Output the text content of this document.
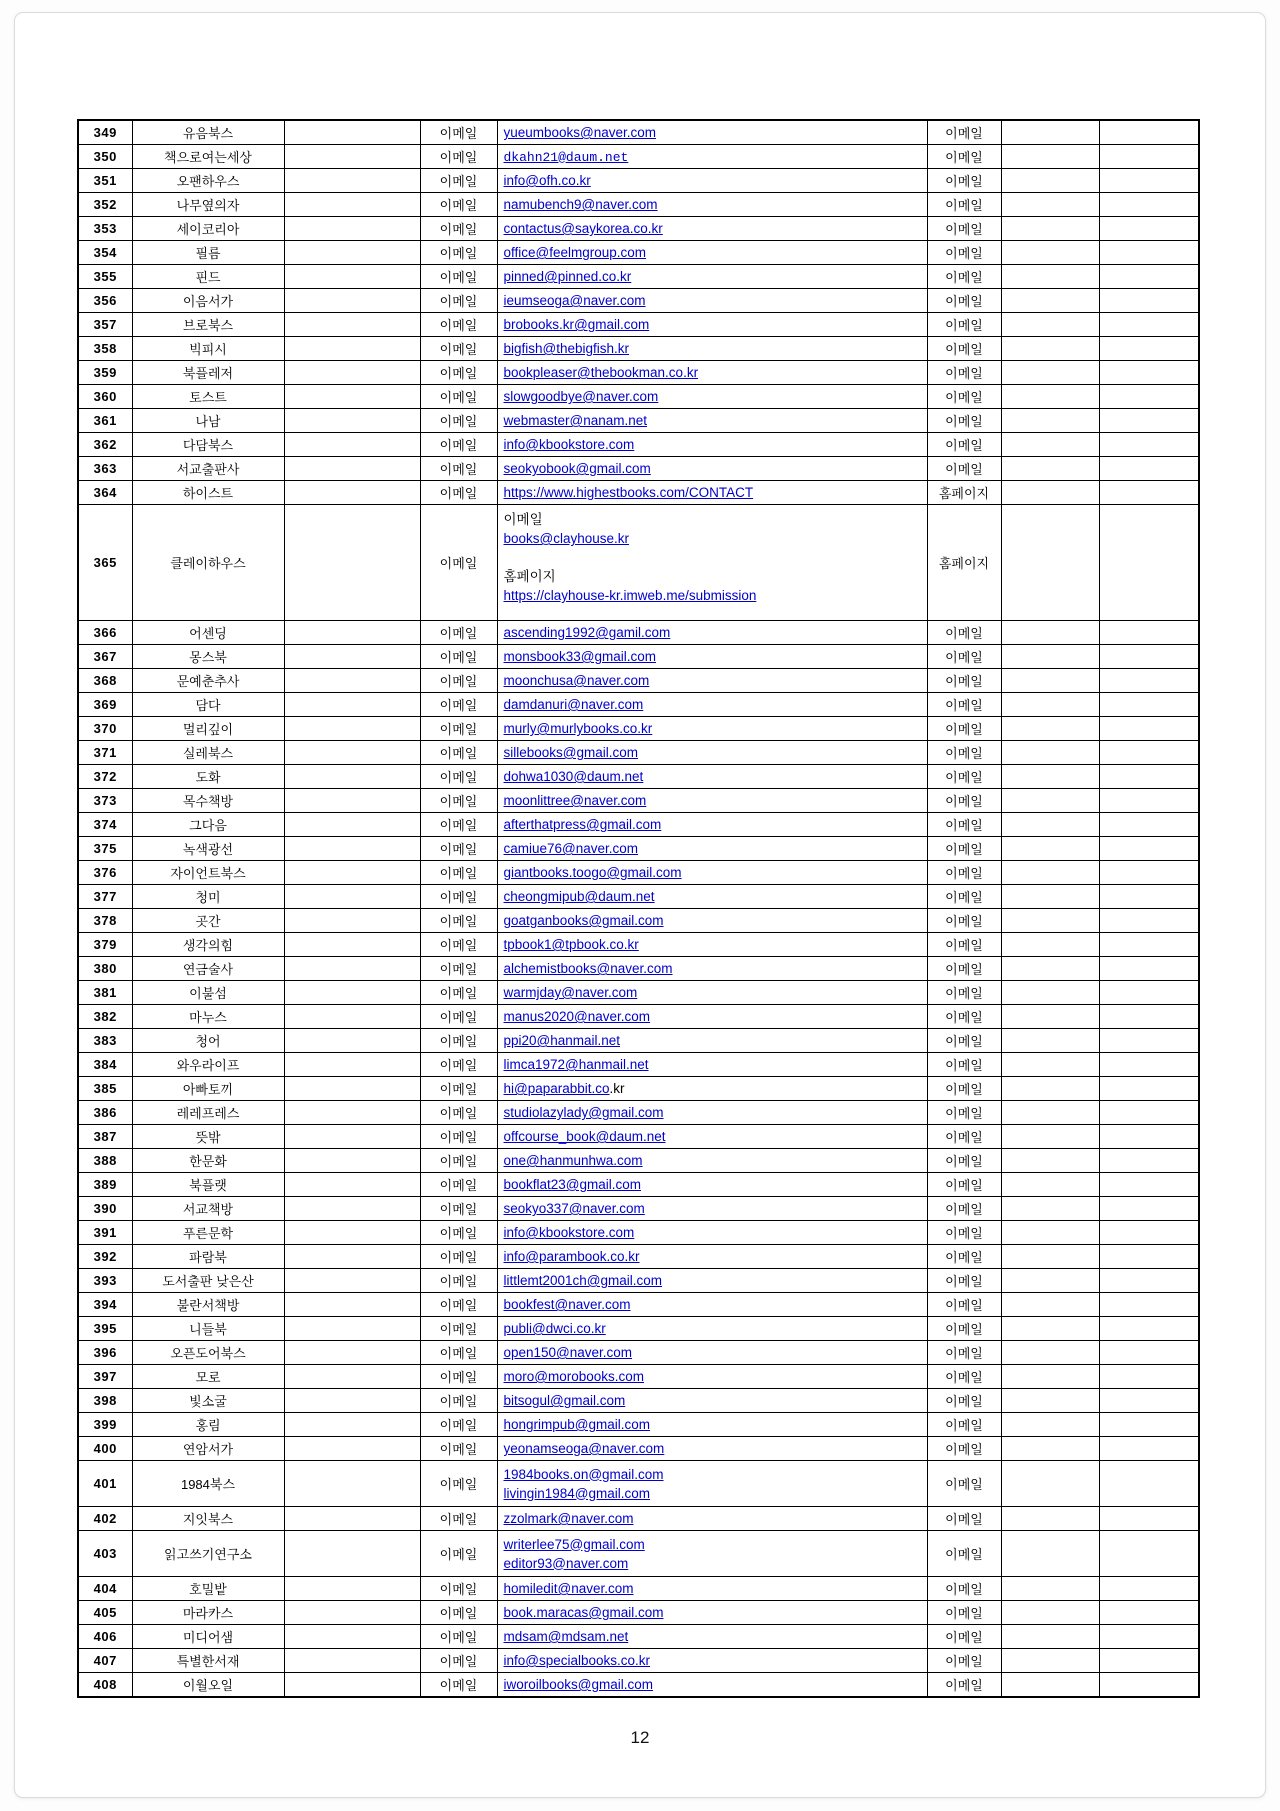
349	유음북스		이메일	yueumbooks@naver.com	이메일		
350	책으로여는세상		이메일	dkahn21@daum.net	이메일		
351	오팬하우스		이메일	info@ofh.co.kr	이메일		
352	나무옆의자		이메일	namubench9@naver.com	이메일		
353	세이코리아		이메일	contactus@saykorea.co.kr	이메일		
354	필름		이메일	office@feelmgroup.com	이메일		
355	핀드		이메일	pinned@pinned.co.kr	이메일		
356	이음서가		이메일	ieumseoga@naver.com	이메일		
357	브로북스		이메일	brobooks.kr@gmail.com	이메일		
358	빅피시		이메일	bigfish@thebigfish.kr	이메일		
359	북플레저		이메일	bookpleaser@thebookman.co.kr	이메일		
360	토스트		이메일	slowgoodbye@naver.com	이메일		
361	나남		이메일	webmaster@nanam.net	이메일		
362	다담북스		이메일	info@kbookstore.com	이메일		
363	서교출판사		이메일	seokyobook@gmail.com	이메일		
364	하이스트		이메일	https://www.highestbooks.com/CONTACT	홈페이지		
365	클레이하우스		이메일	이메일
books@clayhouse.kr

홈페이지
https://clayhouse-kr.imweb.me/submission	홈페이지		
366	어센딩		이메일	ascending1992@gamil.com	이메일		
367	몽스북		이메일	monsbook33@gmail.com	이메일		
368	문예춘추사		이메일	moonchusa@naver.com	이메일		
369	담다		이메일	damdanuri@naver.com	이메일		
370	멀리깊이		이메일	murly@murlybooks.co.kr	이메일		
371	실레북스		이메일	sillebooks@gmail.com	이메일		
372	도화		이메일	dohwa1030@daum.net	이메일		
373	목수책방		이메일	moonlittree@naver.com	이메일		
374	그다음		이메일	afterthatpress@gmail.com	이메일		
375	녹색광선		이메일	camiue76@naver.com	이메일		
376	자이언트북스		이메일	giantbooks.toogo@gmail.com	이메일		
377	청미		이메일	cheongmipub@daum.net	이메일		
378	곳간		이메일	goatganbooks@gmail.com	이메일		
379	생각의힘		이메일	tpbook1@tpbook.co.kr	이메일		
380	연금술사		이메일	alchemistbooks@naver.com	이메일		
381	이불섬		이메일	warmjday@naver.com	이메일		
382	마누스		이메일	manus2020@naver.com	이메일		
383	청어		이메일	ppi20@hanmail.net	이메일		
384	와우라이프		이메일	limca1972@hanmail.net	이메일		
385	아빠토끼		이메일	hi@paparabbit.co.kr	이메일		
386	레레프레스		이메일	studiolazylady@gmail.com	이메일		
387	뜻밖		이메일	offcourse_book@daum.net	이메일		
388	한문화		이메일	one@hanmunhwa.com	이메일		
389	북플랫		이메일	bookflat23@gmail.com	이메일		
390	서교책방		이메일	seokyo337@naver.com	이메일		
391	푸른문학		이메일	info@kbookstore.com	이메일		
392	파람북		이메일	info@parambook.co.kr	이메일		
393	도서출판 낮은산		이메일	littlemt2001ch@gmail.com	이메일		
394	불란서책방		이메일	bookfest@naver.com	이메일		
395	니들북		이메일	publi@dwci.co.kr	이메일		
396	오픈도어북스		이메일	open150@naver.com	이메일		
397	모로		이메일	moro@morobooks.com	이메일		
398	빛소굴		이메일	bitsogul@gmail.com	이메일		
399	홍림		이메일	hongrimpub@gmail.com	이메일		
400	연암서가		이메일	yeonamseoga@naver.com	이메일		
401	1984북스		이메일	1984books.on@gmail.com
livingin1984@gmail.com	이메일		
402	지잇북스		이메일	zzolmark@naver.com	이메일		
403	읽고쓰기연구소		이메일	writerlee75@gmail.com
editor93@naver.com	이메일		
404	호밀밭		이메일	homiledit@naver.com	이메일		
405	마라카스		이메일	book.maracas@gmail.com	이메일		
406	미디어샘		이메일	mdsam@mdsam.net	이메일		
407	특별한서재		이메일	info@specialbooks.co.kr	이메일		
408	이월오일		이메일	iworoilbooks@gmail.com	이메일		
12
